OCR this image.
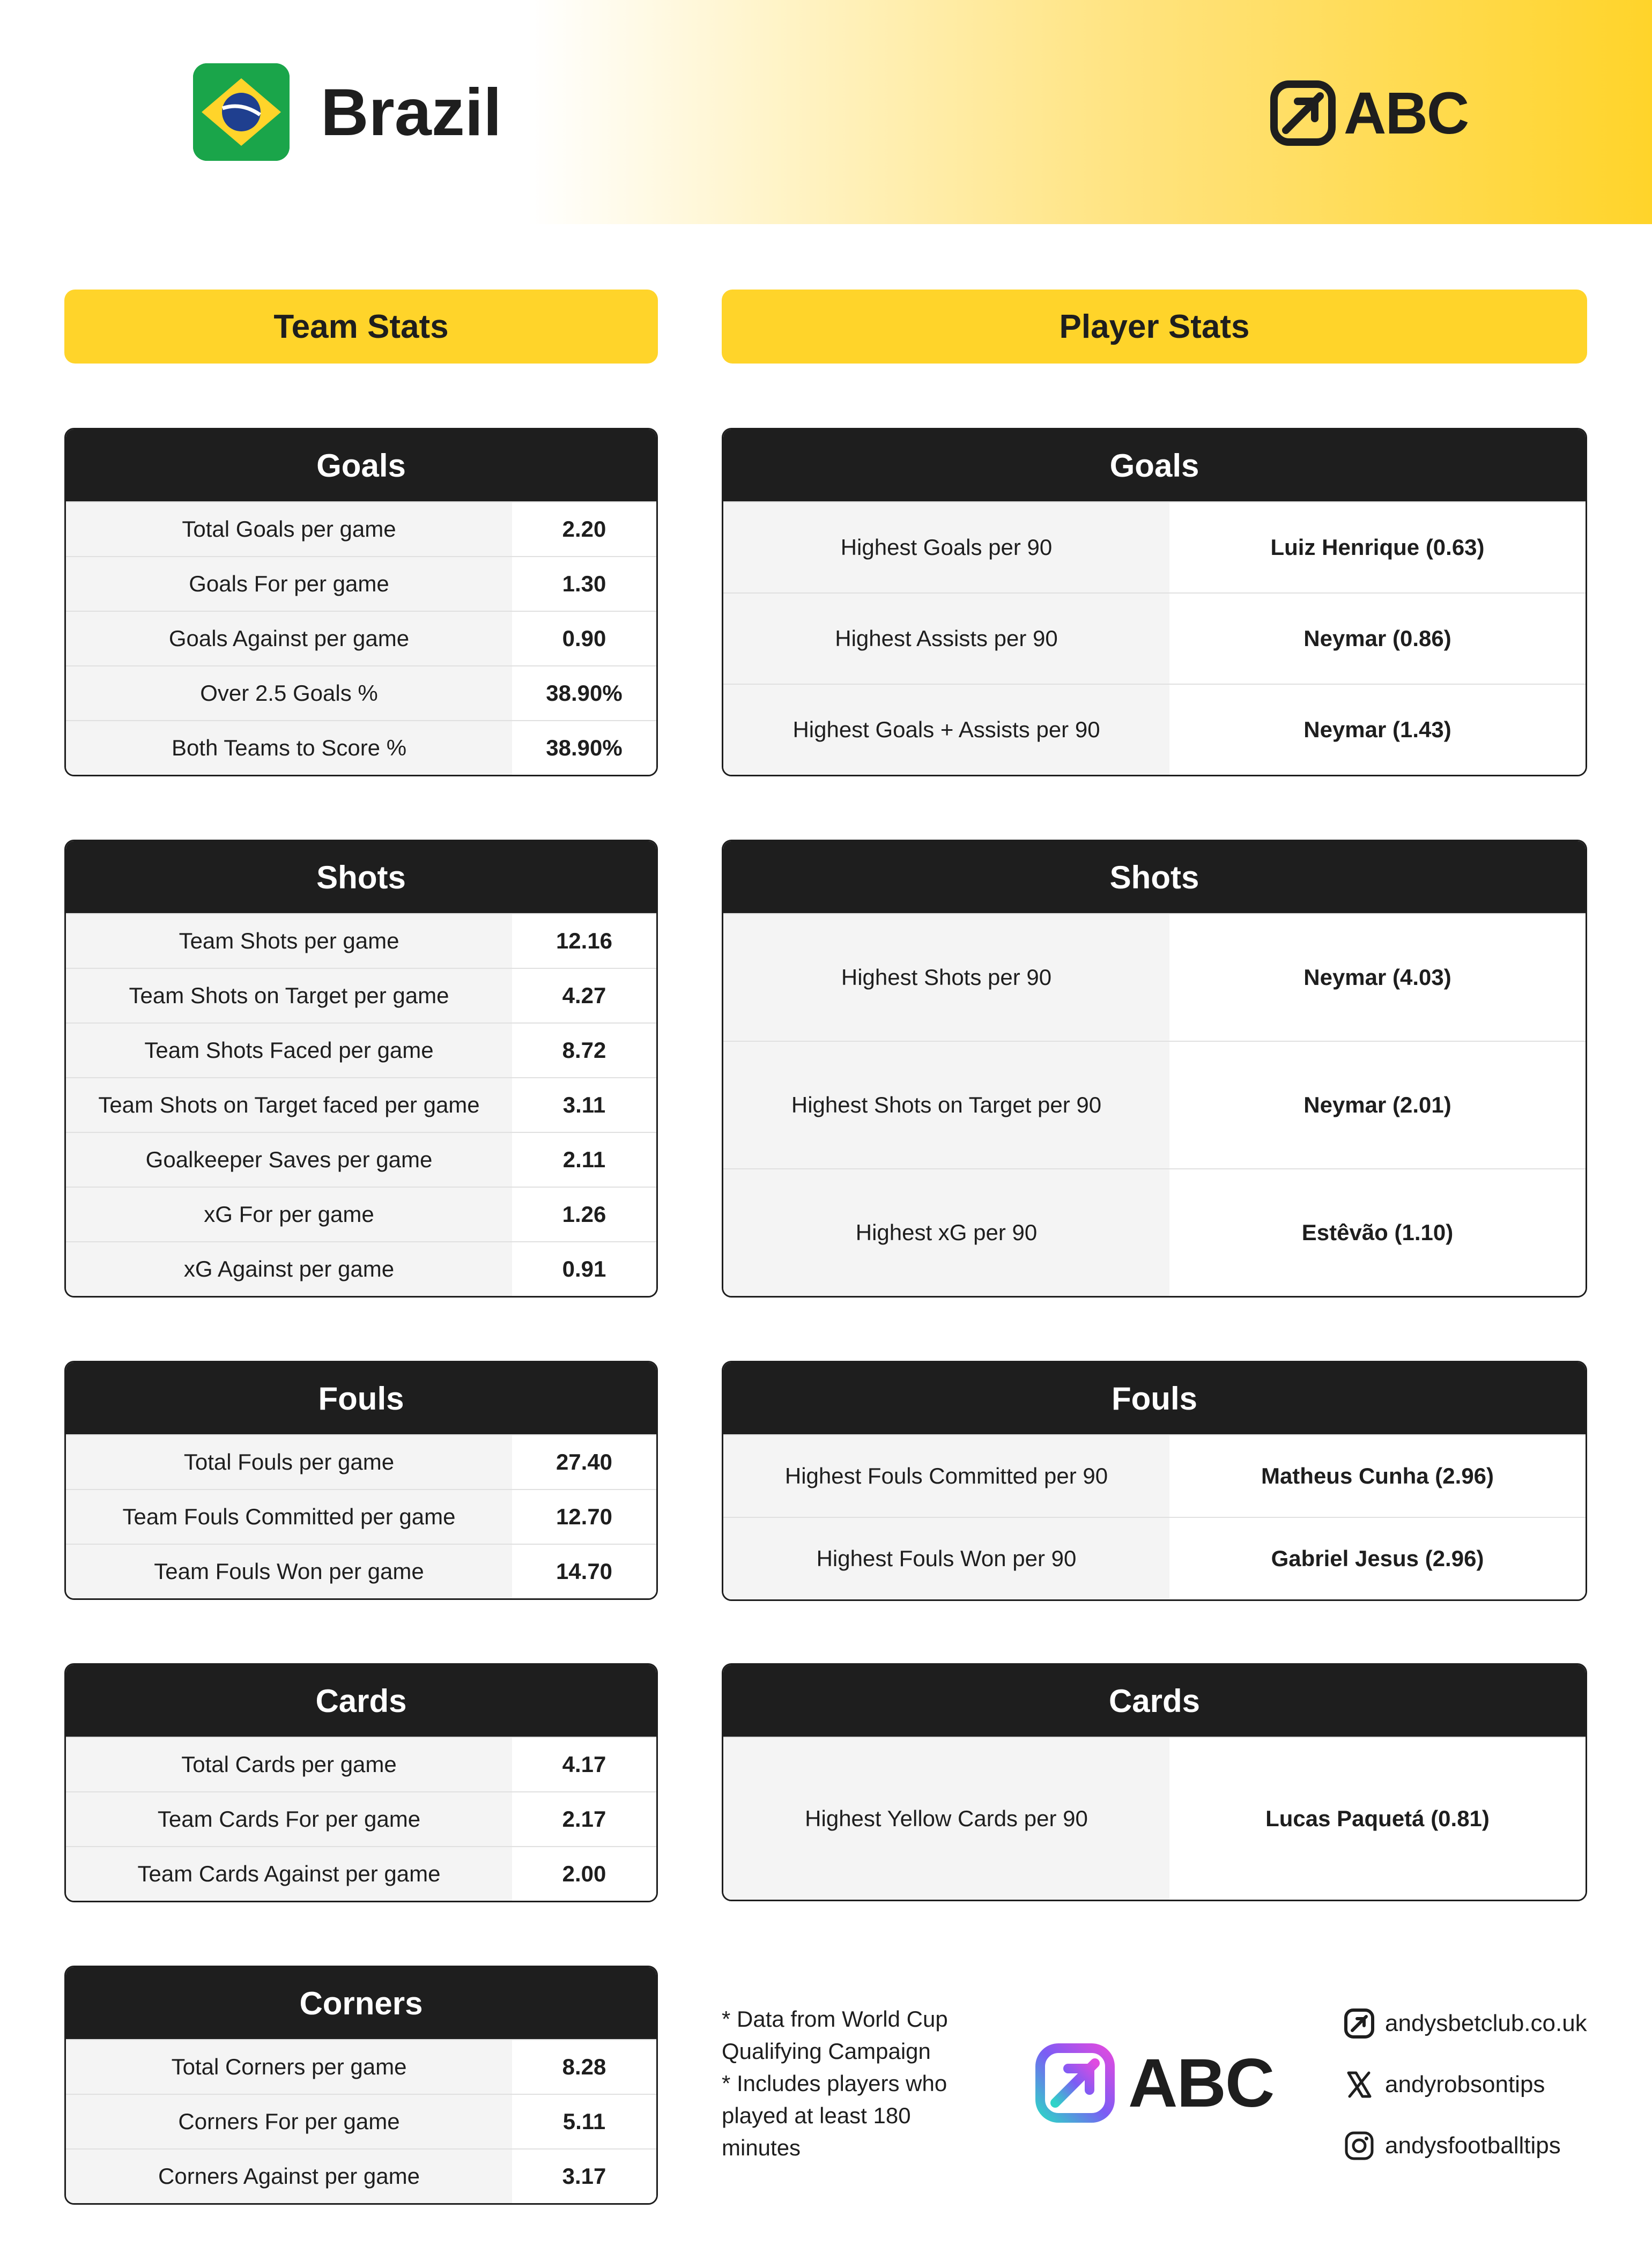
Brazil	ABC
Team Stats	Player Stats
Goals
Total Goals per game	2.20
Goals For per game	1.30
Goals Against per game	0.90
Over 2.5 Goals %	38.90%
Both Teams to Score %	38.90%
Shots
Team Shots per game	12.16
Team Shots on Target per game	4.27
Team Shots Faced per game	8.72
Team Shots on Target faced per game	3.11
Goalkeeper Saves per game	2.11
xG For per game	1.26
xG Against per game	0.91
Fouls
Total Fouls per game	27.40
Team Fouls Committed per game	12.70
Team Fouls Won per game	14.70
Cards
Total Cards per game	4.17
Team Cards For per game	2.17
Team Cards Against per game	2.00
Corners
Total Corners per game	8.28
Corners For per game	5.11
Corners Against per game	3.17
Goals
Highest Goals per 90	Luiz Henrique (0.63)
Highest Assists per 90	Neymar (0.86)
Highest Goals + Assists per 90	Neymar (1.43)
Shots
Highest Shots per 90	Neymar (4.03)
Highest Shots on Target per 90	Neymar (2.01)
Highest xG per 90	Estêvão (1.10)
Fouls
Highest Fouls Committed per 90	Matheus Cunha (2.96)
Highest Fouls Won per 90	Gabriel Jesus (2.96)
Cards
Highest Yellow Cards per 90	Lucas Paquetá (0.81)
* Data from World Cup
Qualifying Campaign
* Includes players who
played at least 180
minutes
ABC
andysbetclub.co.uk
andyrobsontips
andysfootballtips
